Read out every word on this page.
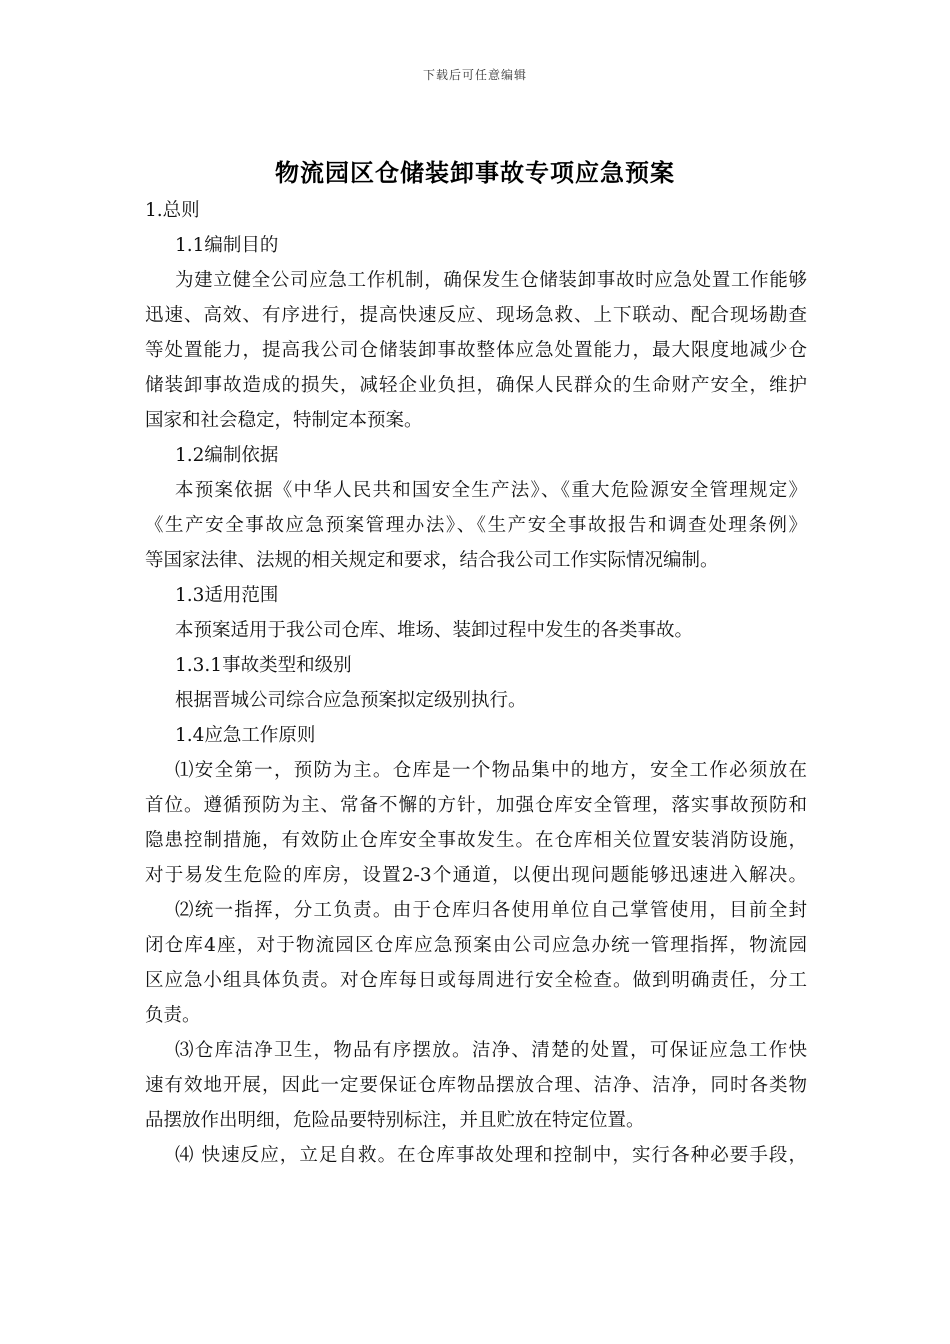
下载后可任意编辑
物流园区仓储装卸事故专项应急预案
1.总则
1.1编制目的
为建立健全公司应急工作机制，确保发生仓储装卸事故时应急处置工作能够
迅速、高效、有序进行，提高快速反应、现场急救、上下联动、配合现场勘查
等处置能力，提高我公司仓储装卸事故整体应急处置能力，最大限度地减少仓
储装卸事故造成的损失，减轻企业负担，确保人民群众的生命财产安全，维护
国家和社会稳定，特制定本预案。
1.2编制依据
本预案依据《中华人民共和国安全生产法》、《重大危险源安全管理规定》
《生产安全事故应急预案管理办法》、《生产安全事故报告和调查处理条例》
等国家法律、法规的相关规定和要求，结合我公司工作实际情况编制。
1.3适用范围
本预案适用于我公司仓库、堆场、装卸过程中发生的各类事故。
1.3.1事故类型和级别
根据晋城公司综合应急预案拟定级别执行。
1.4应急工作原则
⑴安全第一，预防为主。仓库是一个物品集中的地方，安全工作必须放在
首位。遵循预防为主、常备不懈的方针，加强仓库安全管理，落实事故预防和
隐患控制措施，有效防止仓库安全事故发生。在仓库相关位置安装消防设施，
对于易发生危险的库房，设置2-3个通道，以便出现问题能够迅速进入解决。
⑵统一指挥，分工负责。由于仓库归各使用单位自己掌管使用，目前全封
闭仓库4座，对于物流园区仓库应急预案由公司应急办统一管理指挥，物流园
区应急小组具体负责。对仓库每日或每周进行安全检查。做到明确责任，分工
负责。
⑶仓库洁净卫生，物品有序摆放。洁净、清楚的处置，可保证应急工作快
速有效地开展，因此一定要保证仓库物品摆放合理、洁净、洁净，同时各类物
品摆放作出明细，危险品要特别标注，并且贮放在特定位置。
⑷ 快速反应，立足自救。在仓库事故处理和控制中，实行各种必要手段，
